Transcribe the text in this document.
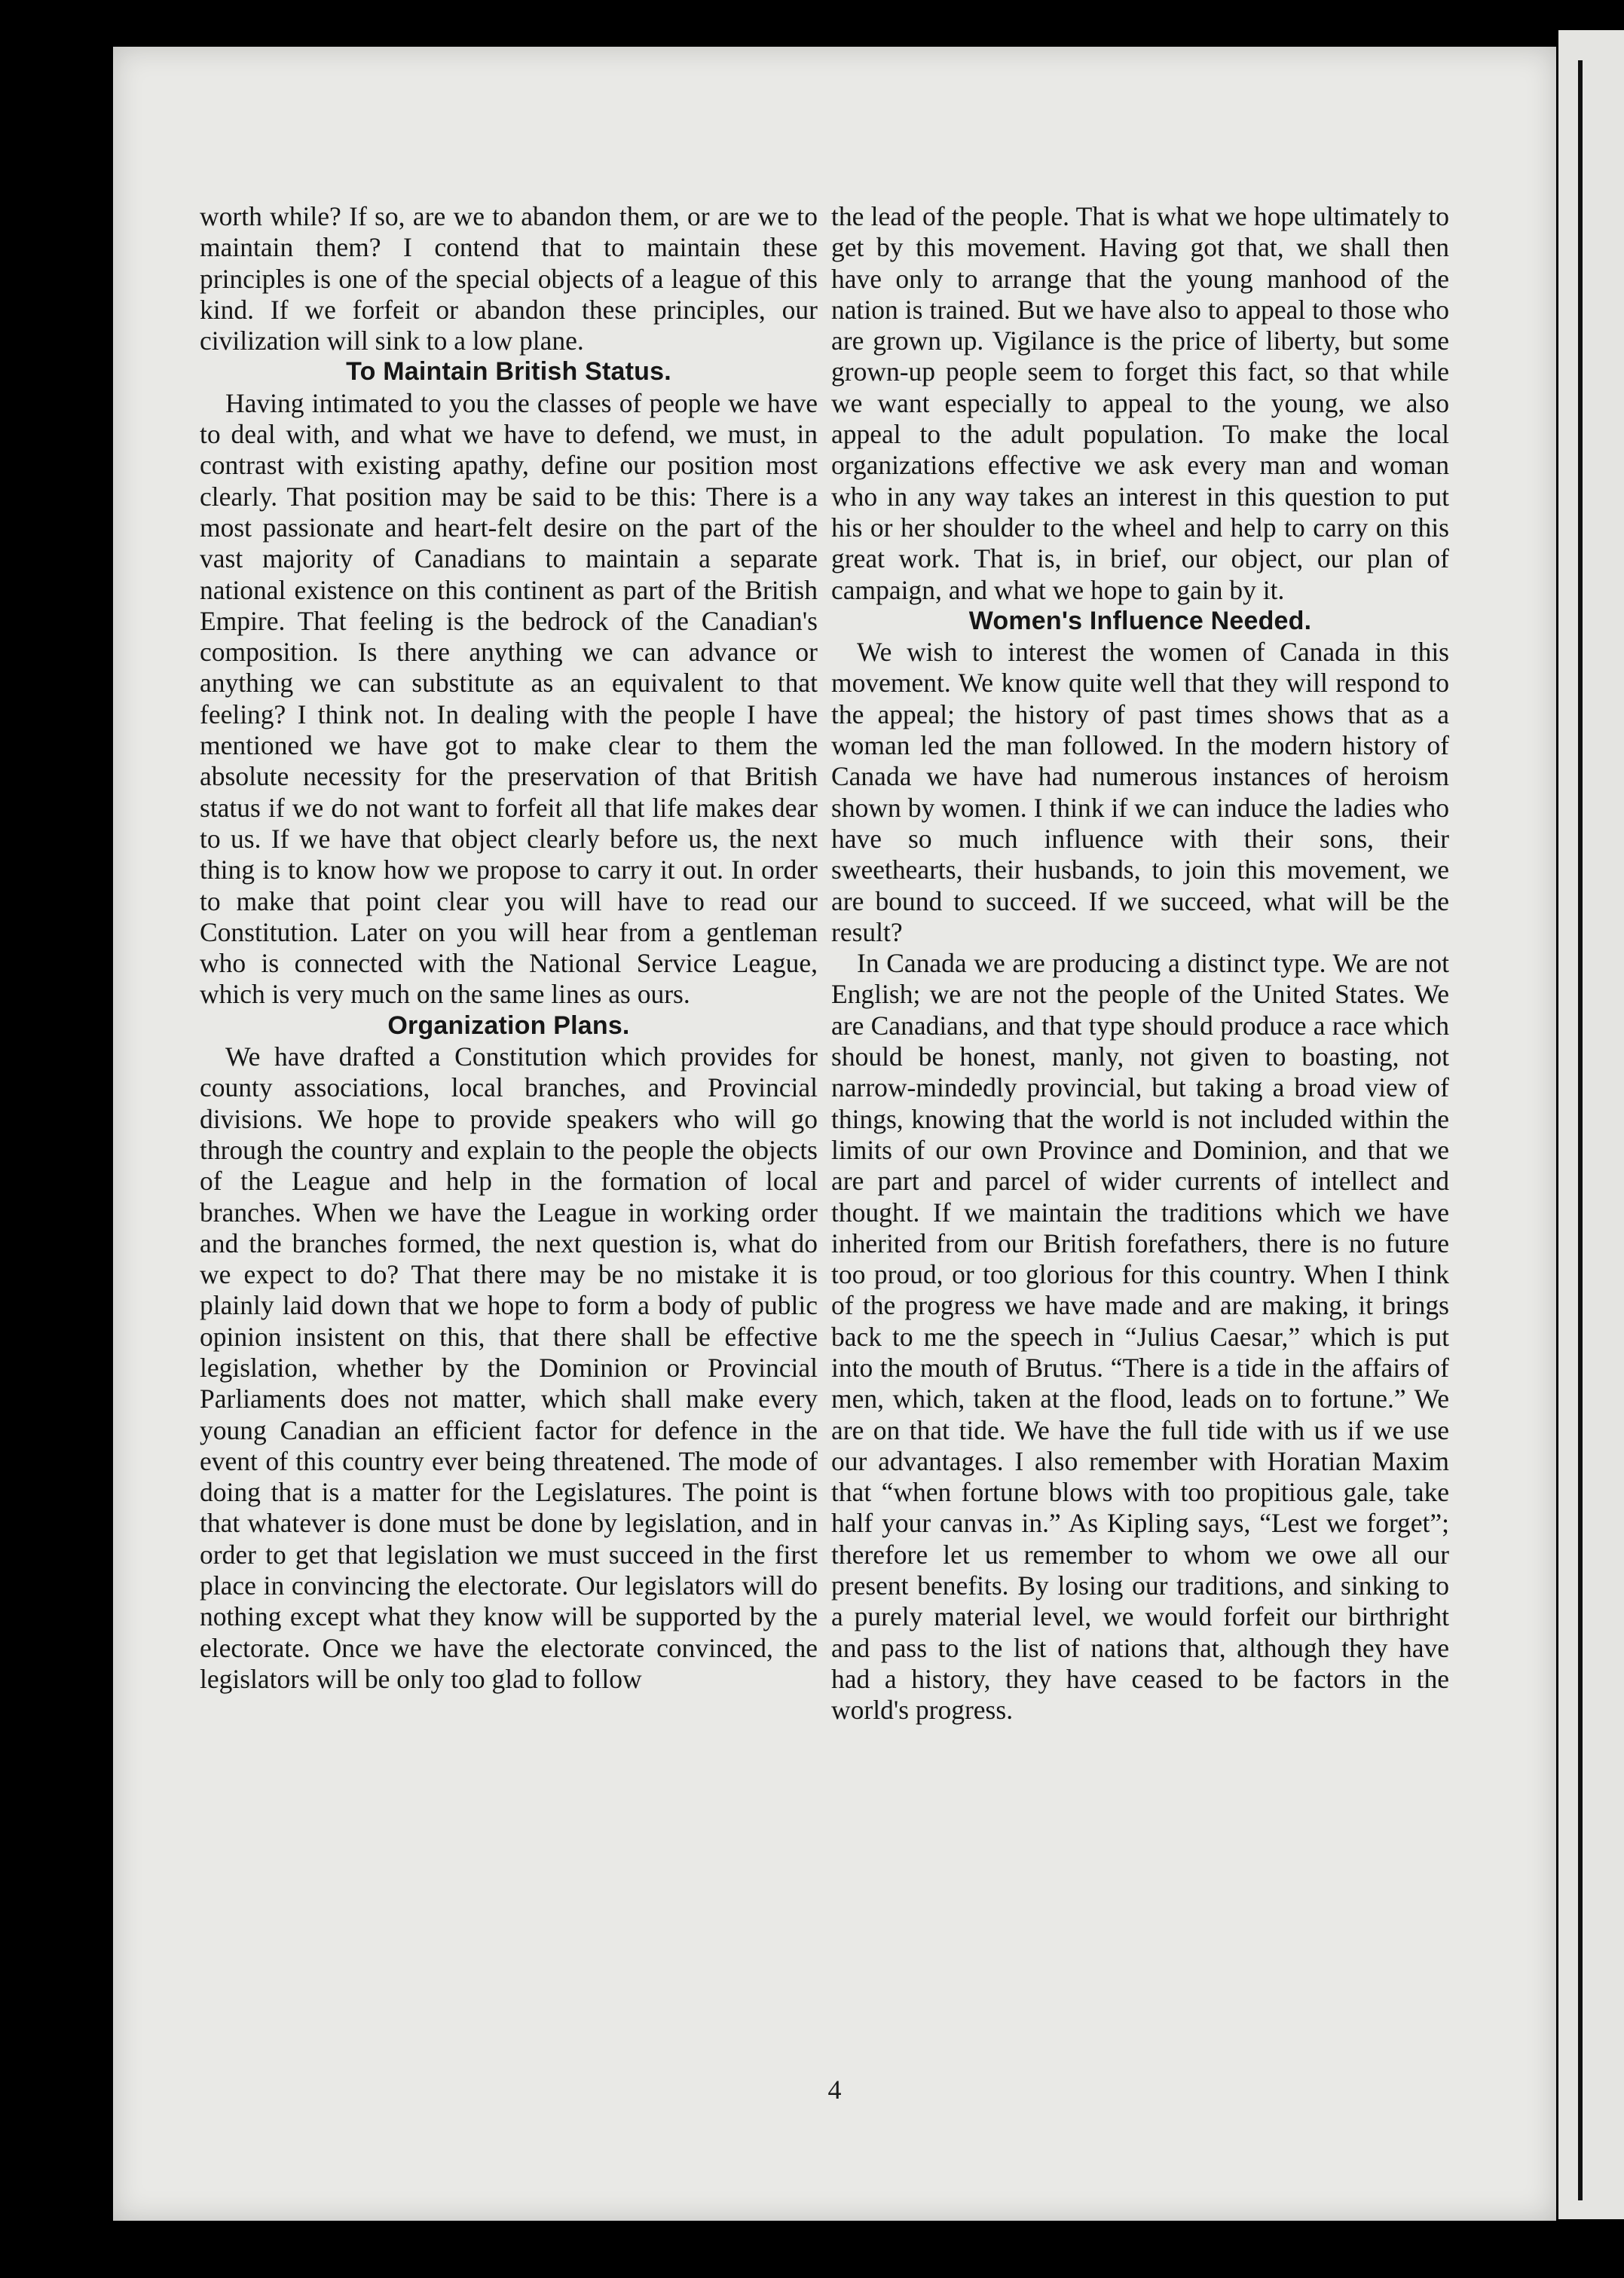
worth while? If so, are we to abandon them, or are we to maintain them? I contend that to maintain these principles is one of the special objects of a league of this kind. If we forfeit or abandon these principles, our civilization will sink to a low plane.

To Maintain British Status.

Having intimated to you the classes of people we have to deal with, and what we have to defend, we must, in contrast with existing apathy, define our position most clearly. That position may be said to be this: There is a most passionate and heart-felt desire on the part of the vast majority of Canadians to maintain a separate national existence on this continent as part of the British Empire. That feeling is the bedrock of the Canadian's composition. Is there anything we can advance or anything we can substitute as an equivalent to that feeling? I think not. In dealing with the people I have mentioned we have got to make clear to them the absolute necessity for the preservation of that British status if we do not want to forfeit all that life makes dear to us. If we have that object clearly before us, the next thing is to know how we propose to carry it out. In order to make that point clear you will have to read our Constitution. Later on you will hear from a gentleman who is connected with the National Service League, which is very much on the same lines as ours.

Organization Plans.

We have drafted a Constitution which provides for county associations, local branches, and Provincial divisions. We hope to provide speakers who will go through the country and explain to the people the objects of the League and help in the formation of local branches. When we have the League in working order and the branches formed, the next question is, what do we expect to do? That there may be no mistake it is plainly laid down that we hope to form a body of public opinion insistent on this, that there shall be effective legislation, whether by the Dominion or Provincial Parliaments does not matter, which shall make every young Canadian an efficient factor for defence in the event of this country ever being threatened. The mode of doing that is a matter for the Legislatures. The point is that whatever is done must be done by legislation, and in order to get that legislation we must succeed in the first place in convincing the electorate. Our legislators will do nothing except what they know will be supported by the electorate. Once we have the electorate convinced, the legislators will be only too glad to follow

the lead of the people. That is what we hope ultimately to get by this movement. Having got that, we shall then have only to arrange that the young manhood of the nation is trained. But we have also to appeal to those who are grown up. Vigilance is the price of liberty, but some grown-up people seem to forget this fact, so that while we want especially to appeal to the young, we also appeal to the adult population. To make the local organizations effective we ask every man and woman who in any way takes an interest in this question to put his or her shoulder to the wheel and help to carry on this great work. That is, in brief, our object, our plan of campaign, and what we hope to gain by it.

Women's Influence Needed.

We wish to interest the women of Canada in this movement. We know quite well that they will respond to the appeal; the history of past times shows that as a woman led the man followed. In the modern history of Canada we have had numerous instances of heroism shown by women. I think if we can induce the ladies who have so much influence with their sons, their sweethearts, their husbands, to join this movement, we are bound to succeed. If we succeed, what will be the result?

In Canada we are producing a distinct type. We are not English; we are not the people of the United States. We are Canadians, and that type should produce a race which should be honest, manly, not given to boasting, not narrow-mindedly provincial, but taking a broad view of things, knowing that the world is not included within the limits of our own Province and Dominion, and that we are part and parcel of wider currents of intellect and thought. If we maintain the traditions which we have inherited from our British forefathers, there is no future too proud, or too glorious for this country. When I think of the progress we have made and are making, it brings back to me the speech in “Julius Caesar,” which is put into the mouth of Brutus. “There is a tide in the affairs of men, which, taken at the flood, leads on to fortune.” We are on that tide. We have the full tide with us if we use our advantages. I also remember with Horatian Maxim that “when fortune blows with too propitious gale, take half your canvas in.” As Kipling says, “Lest we forget”; therefore let us remember to whom we owe all our present benefits. By losing our traditions, and sinking to a purely material level, we would forfeit our birthright and pass to the list of nations that, although they have had a history, they have ceased to be factors in the world's progress.

4
